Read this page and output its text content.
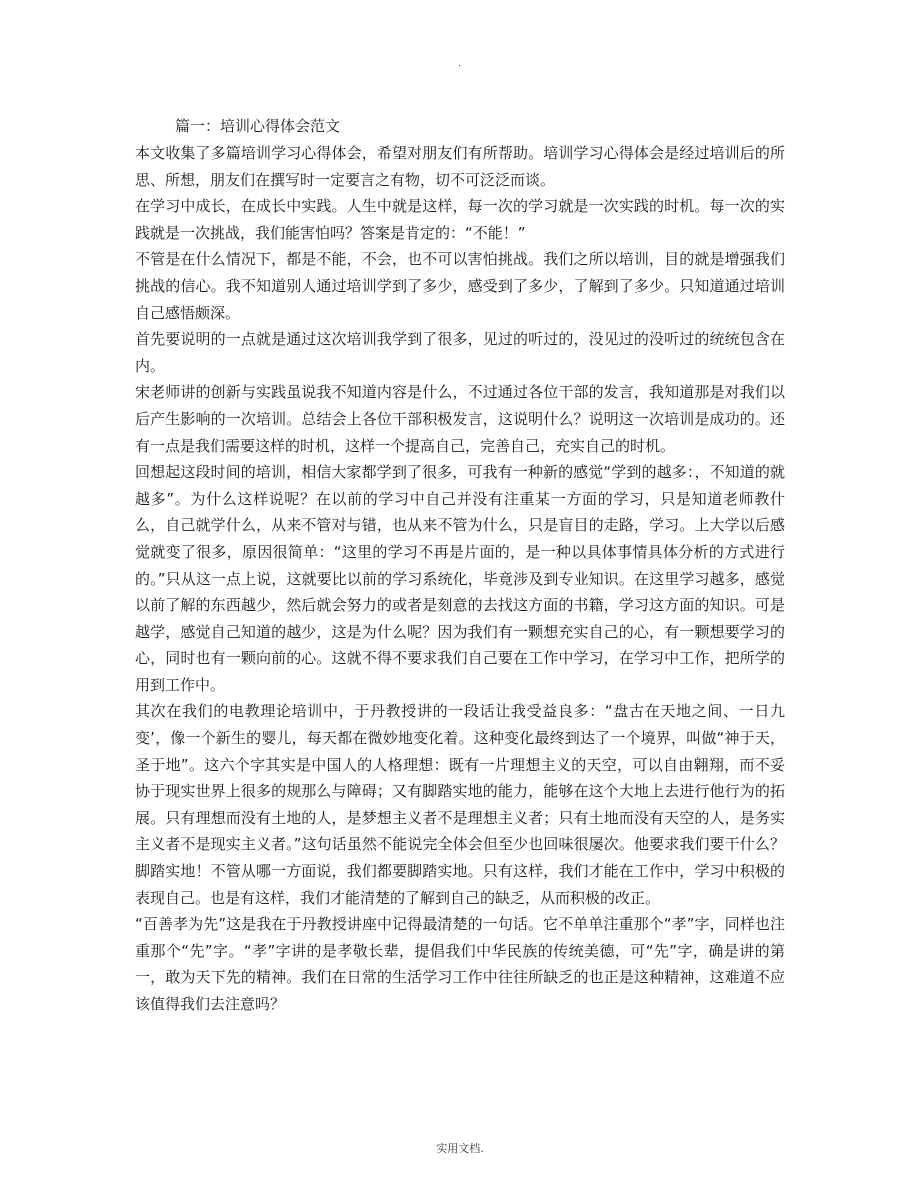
.

篇一：培训心得体会范文

本文收集了多篇培训学习心得体会，希望对朋友们有所帮助。培训学习心得体会是经过培训后的所思、所想，朋友们在撰写时一定要言之有物，切不可泛泛而谈。

在学习中成长，在成长中实践。人生中就是这样，每一次的学习就是一次实践的时机。每一次的实践就是一次挑战，我们能害怕吗？答案是肯定的：“不能！”

不管是在什么情况下，都是不能，不会，也不可以害怕挑战。我们之所以培训，目的就是增强我们挑战的信心。我不知道别人通过培训学到了多少，感受到了多少，了解到了多少。只知道通过培训自己感悟颇深。

首先要说明的一点就是通过这次培训我学到了很多，见过的听过的，没见过的没听过的统统包含在内。

宋老师讲的创新与实践虽说我不知道内容是什么，不过通过各位干部的发言，我知道那是对我们以后产生影响的一次培训。总结会上各位干部积极发言，这说明什么？说明这一次培训是成功的。还有一点是我们需要这样的时机，这样一个提高自己，完善自己，充实自己的时机。

回想起这段时间的培训，相信大家都学到了很多，可我有一种新的感觉“学到的越多：，不知道的就越多”。为什么这样说呢？在以前的学习中自己并没有注重某一方面的学习，只是知道老师教什么，自己就学什么，从来不管对与错，也从来不管为什么，只是盲目的走路，学习。上大学以后感觉就变了很多，原因很简单：“这里的学习不再是片面的，是一种以具体事情具体分析的方式进行的。”只从这一点上说，这就要比以前的学习系统化，毕竟涉及到专业知识。在这里学习越多，感觉以前了解的东西越少，然后就会努力的或者是刻意的去找这方面的书籍，学习这方面的知识。可是越学，感觉自己知道的越少，这是为什么呢？因为我们有一颗想充实自己的心，有一颗想要学习的心，同时也有一颗向前的心。这就不得不要求我们自己要在工作中学习，在学习中工作，把所学的用到工作中。

其次在我们的电教理论培训中，于丹教授讲的一段话让我受益良多：“盘古在天地之间、一日九变’，像一个新生的婴儿，每天都在微妙地变化着。这种变化最终到达了一个境界，叫做“神于天，圣于地”。这六个字其实是中国人的人格理想：既有一片理想主义的天空，可以自由翱翔，而不妥协于现实世界上很多的规那么与障碍；又有脚踏实地的能力，能够在这个大地上去进行他行为的拓展。只有理想而没有土地的人，是梦想主义者不是理想主义者；只有土地而没有天空的人，是务实主义者不是现实主义者。”这句话虽然不能说完全体会但至少也回味很屡次。他要求我们要干什么？脚踏实地！不管从哪一方面说，我们都要脚踏实地。只有这样，我们才能在工作中，学习中积极的表现自己。也是有这样，我们才能清楚的了解到自己的缺乏，从而积极的改正。

“百善孝为先”这是我在于丹教授讲座中记得最清楚的一句话。它不单单注重那个“孝”字，同样也注重那个“先”字。“孝”字讲的是孝敬长辈，提倡我们中华民族的传统美德，可“先”字，确是讲的第一，敢为天下先的精神。我们在日常的生活学习工作中往往所缺乏的也正是这种精神，这难道不应该值得我们去注意吗？

实用文档.
